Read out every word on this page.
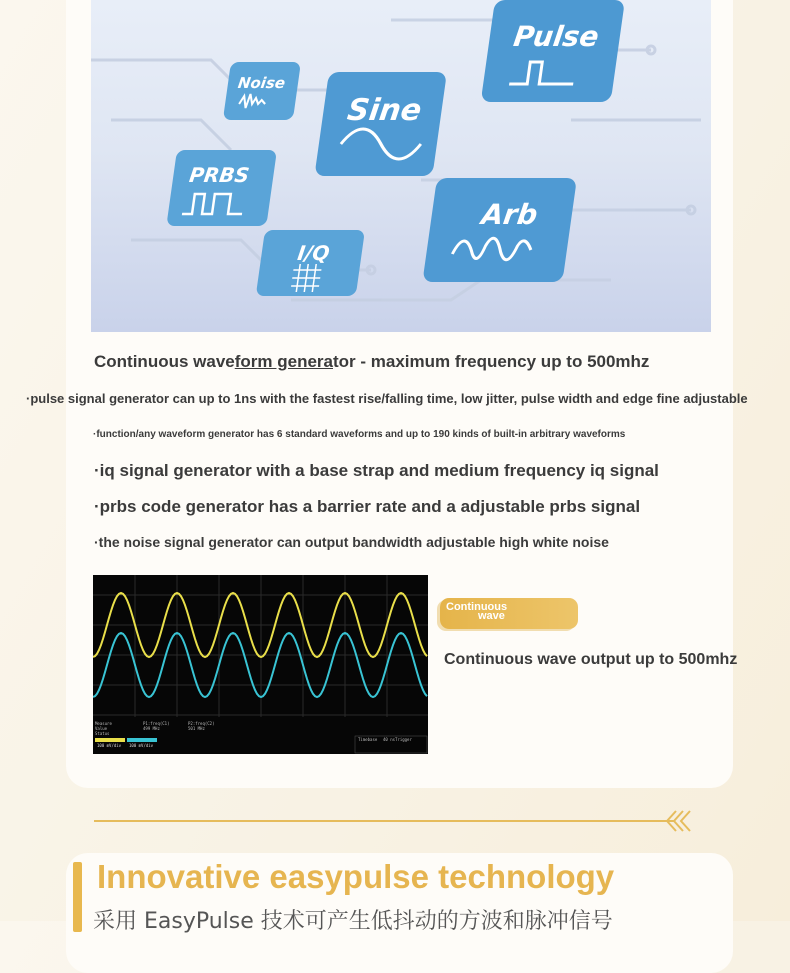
Noise
Sine
Pulse
PRBS
I/Q
Arb
Continuous waveform generator - maximum frequency up to 500mhz
·pulse signal generator can up to 1ns with the fastest rise/falling time, low jitter, pulse width and edge fine adjustable
·function/any waveform generator has 6 standard waveforms and up to 190 kinds of built-in arbitrary waveforms
·iq signal generator with a base strap and medium frequency iq signal
·prbs code generator has a barrier rate and a adjustable prbs signal
·the noise signal generator can output bandwidth adjustable high white noise
Measure
Value
Status
P1:freq(C1)	P2:freq(C2)
499 MHz	501 MHz
Timebase 40 ns Trigger
100 mV/div 100 mV/div
Continuous
wave
Continuous wave output up to 500mhz
Innovative easypulse technology
采用 EasyPulse 技术可产生低抖动的方波和脉冲信号
